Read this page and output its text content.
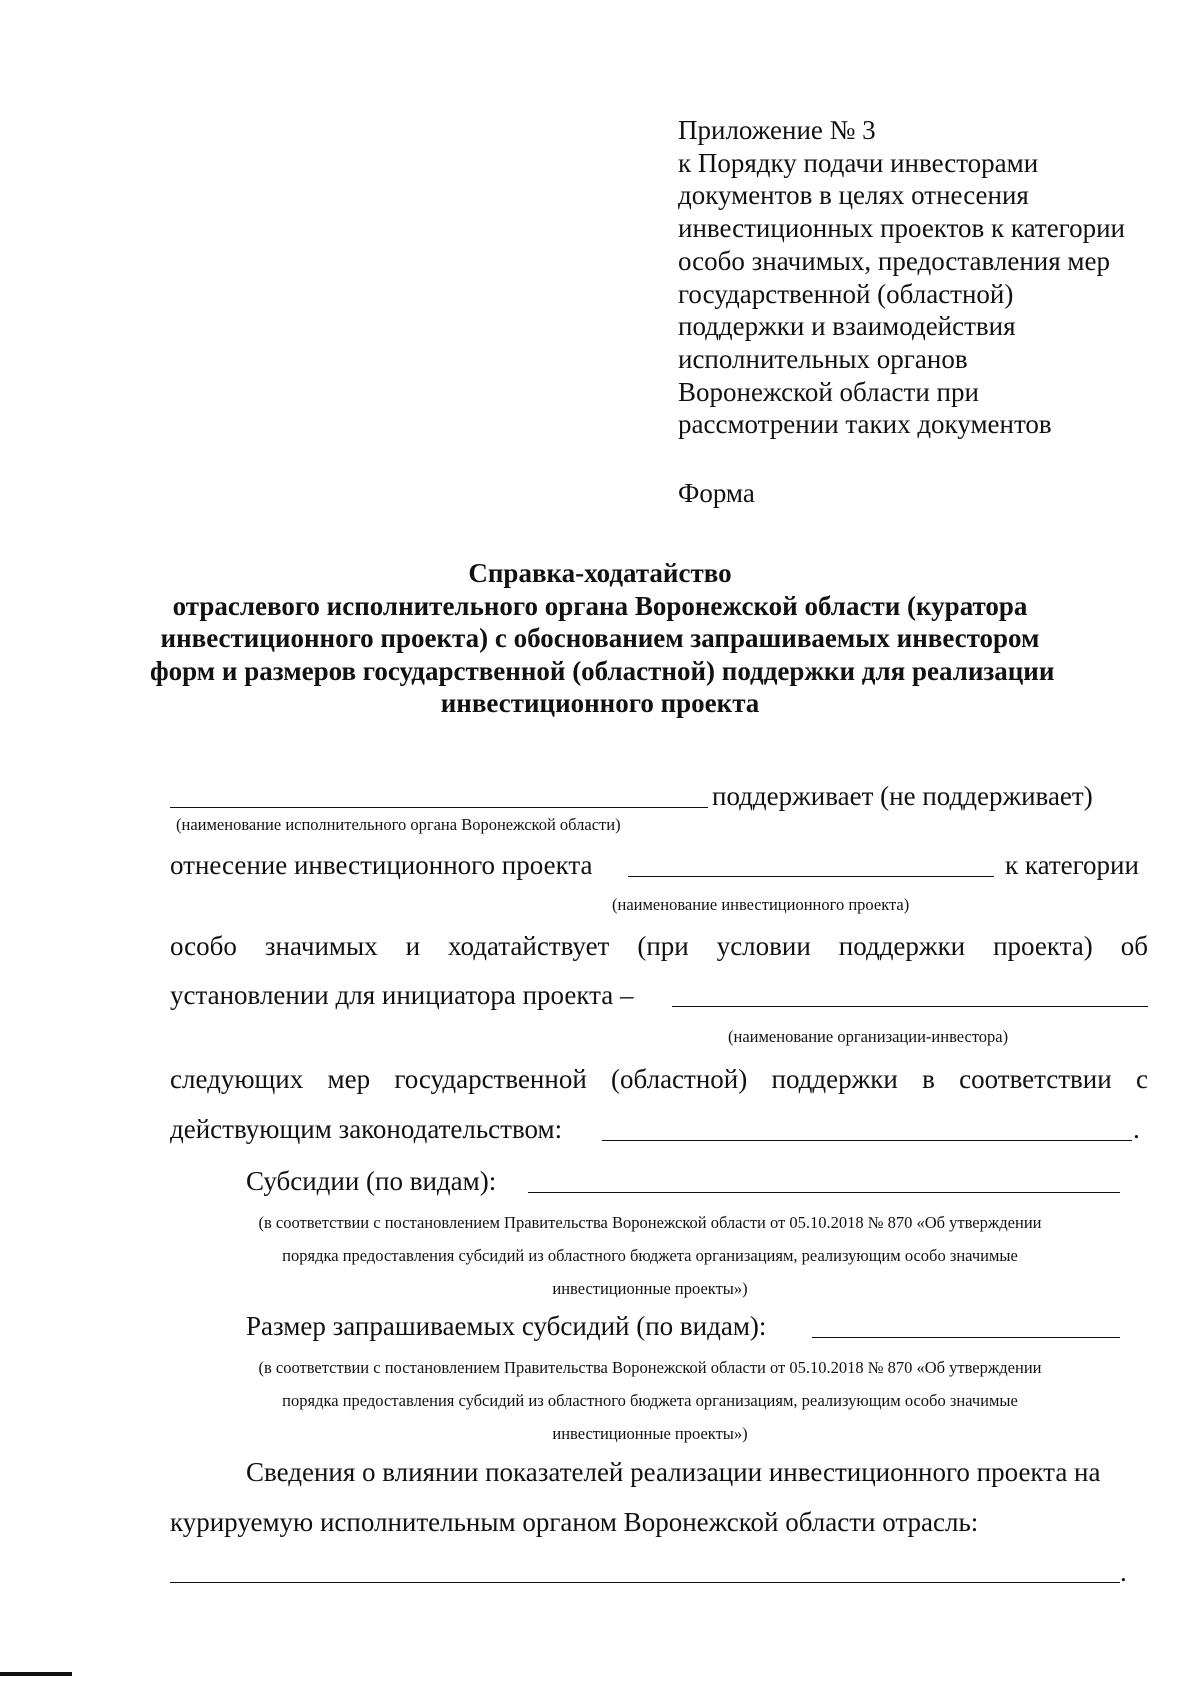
Приложение № 3
к Порядку подачи инвесторами
документов в целях отнесения
инвестиционных проектов к категории
особо значимых, предоставления мер
государственной (областной)
поддержки и взаимодействия
исполнительных органов
Воронежской области при
рассмотрении таких документов
Форма
Справка-ходатайство
отраслевого исполнительного органа Воронежской области (куратора
инвестиционного проекта) с обоснованием запрашиваемых инвестором
форм и размеров государственной (областной) поддержки для реализации
инвестиционного проекта
поддерживает (не поддерживает)
(наименование исполнительного органа Воронежской области)
отнесение инвестиционного проекта	к категории
(наименование инвестиционного проекта)
особо значимых и ходатайствует (при условии поддержки проекта) об
установлении для инициатора проекта –
(наименование организации-инвестора)
следующих мер государственной (областной) поддержки в соответствии с
действующим законодательством:	.
Субсидии (по видам):
(в соответствии с постановлением Правительства Воронежской области от 05.10.2018 № 870 «Об утверждении
порядка предоставления субсидий из областного бюджета организациям, реализующим особо значимые
инвестиционные проекты»)
Размер запрашиваемых субсидий (по видам):
(в соответствии с постановлением Правительства Воронежской области от 05.10.2018 № 870 «Об утверждении
порядка предоставления субсидий из областного бюджета организациям, реализующим особо значимые
инвестиционные проекты»)
Сведения о влиянии показателей реализации инвестиционного проекта на
курируемую исполнительным органом Воронежской области отрасль:
.
